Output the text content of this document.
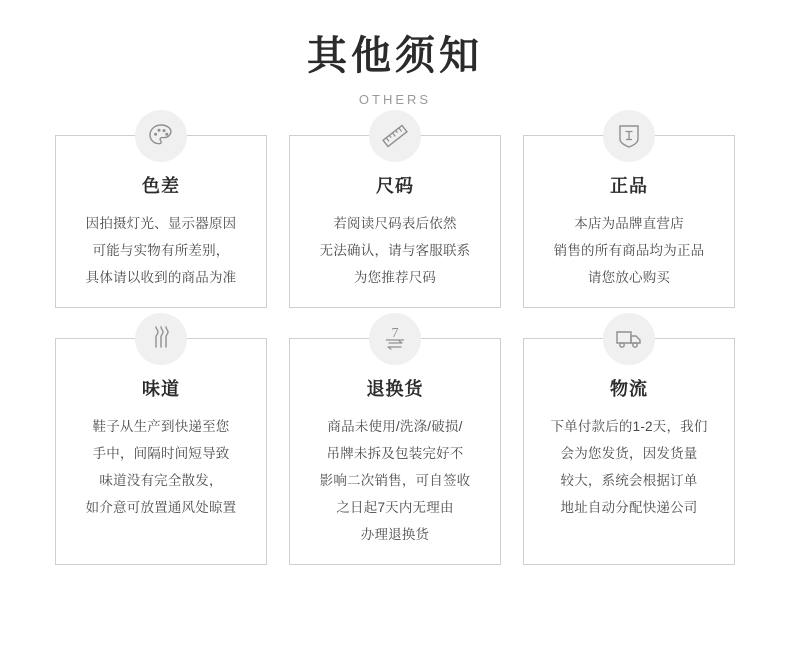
其他须知
OTHERS
色差

因拍摄灯光、显示器原因

可能与实物有所差别，

具体请以收到的商品为准

尺码

若阅读尺码表后依然

无法确认，请与客服联系

为您推荐尺码

正品

本店为品牌直营店

销售的所有商品均为正品

请您放心购买

味道

鞋子从生产到快递至您

手中，间隔时间短导致

味道没有完全散发，

如介意可放置通风处晾置

7
退换货

商品未使用/洗涤/破损/

吊牌未拆及包装完好不

影响二次销售，可自签收

之日起7天内无理由

办理退换货

物流

下单付款后的1-2天，我们

会为您发货，因发货量

较大，系统会根据订单

地址自动分配快递公司
